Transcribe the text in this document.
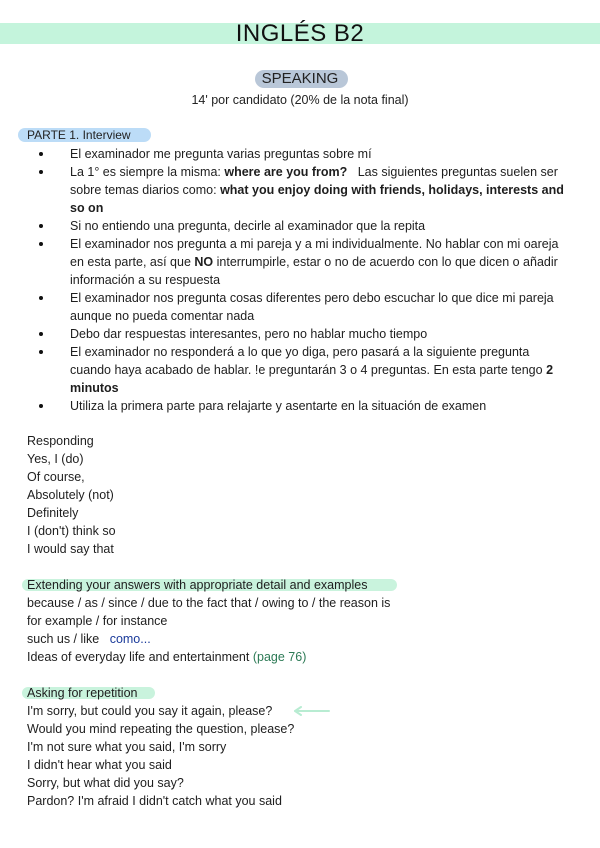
INGLÉS B2
SPEAKING
14' por candidato (20% de la nota final)
PARTE 1. Interview
El examinador me pregunta varias preguntas sobre mí
La 1° es siempre la misma: where are you from?   Las siguientes preguntas suelen ser sobre temas diarios como: what you enjoy doing with friends, holidays, interests and so on
Si no entiendo una pregunta, decirle al examinador que la repita
El examinador nos pregunta a mi pareja y a mi individualmente. No hablar con mi oareja en esta parte, así que NO interrumpirle, estar o no de acuerdo con lo que dicen o añadir información a su respuesta
El examinador nos pregunta cosas diferentes pero debo escuchar lo que dice mi pareja aunque no pueda comentar nada
Debo dar respuestas interesantes, pero no hablar mucho tiempo
El examinador no responderá a lo que yo diga, pero pasará a la siguiente pregunta cuando haya acabado de hablar. !e preguntarán 3 o 4 preguntas. En esta parte tengo 2 minutos
Utiliza la primera parte para relajarte y asentarte en la situación de examen
Responding
Yes, I (do)
Of course,
Absolutely (not)
Definitely
I (don't) think so
I would say that
Extending your answers with appropriate detail and examples
because / as / since / due to the fact that / owing to / the reason is
for example / for instance
such us / like como...
Ideas of everyday life and entertainment (page 76)
Asking for repetition
I'm sorry, but could you say it again, please?
Would you mind repeating the question, please?
I'm not sure what you said, I'm sorry
I didn't hear what you said
Sorry, but what did you say?
Pardon? I'm afraid I didn't catch what you said
